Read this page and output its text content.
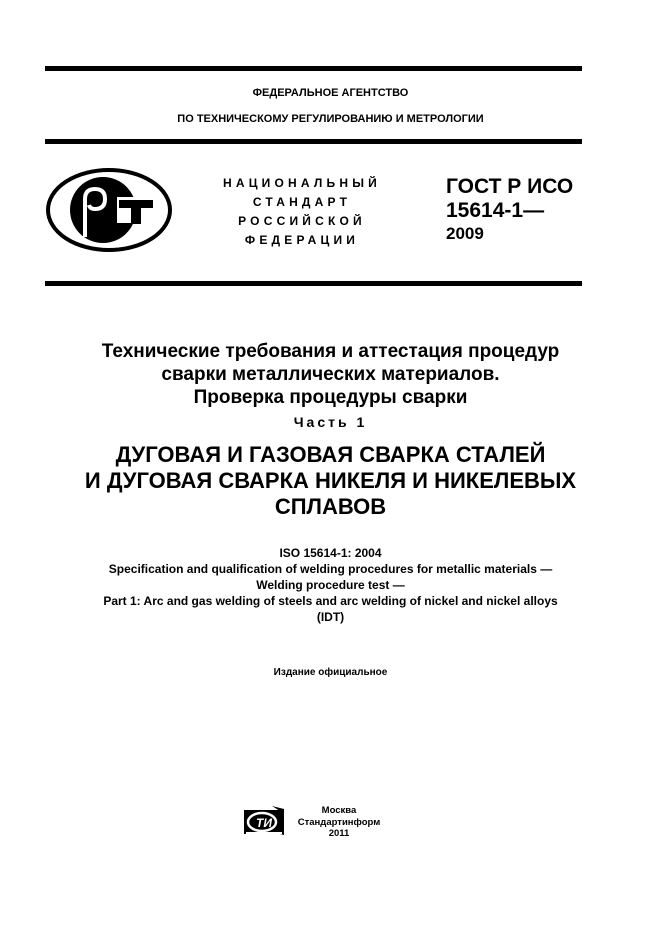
ФЕДЕРАЛЬНОЕ АГЕНТСТВО
ПО ТЕХНИЧЕСКОМУ РЕГУЛИРОВАНИЮ И МЕТРОЛОГИИ
НАЦИОНАЛЬНЫЙ
СТАНДАРТ
РОССИЙСКОЙ
ФЕДЕРАЦИИ
ГОСТ Р ИСО
15614-1—
2009
Технические требования и аттестация процедур
сварки металлических материалов.
Проверка процедуры сварки
Часть 1
ДУГОВАЯ И ГАЗОВАЯ СВАРКА СТАЛЕЙ
И ДУГОВАЯ СВАРКА НИКЕЛЯ И НИКЕЛЕВЫХ
СПЛАВОВ
ISO 15614-1: 2004
Specification and qualification of welding procedures for metallic materials —
Welding procedure test —
Part 1: Arc and gas welding of steels and arc welding of nickel and nickel alloys
(IDT)
Издание официальное
ТИ
Москва
Стандартинформ
2011
